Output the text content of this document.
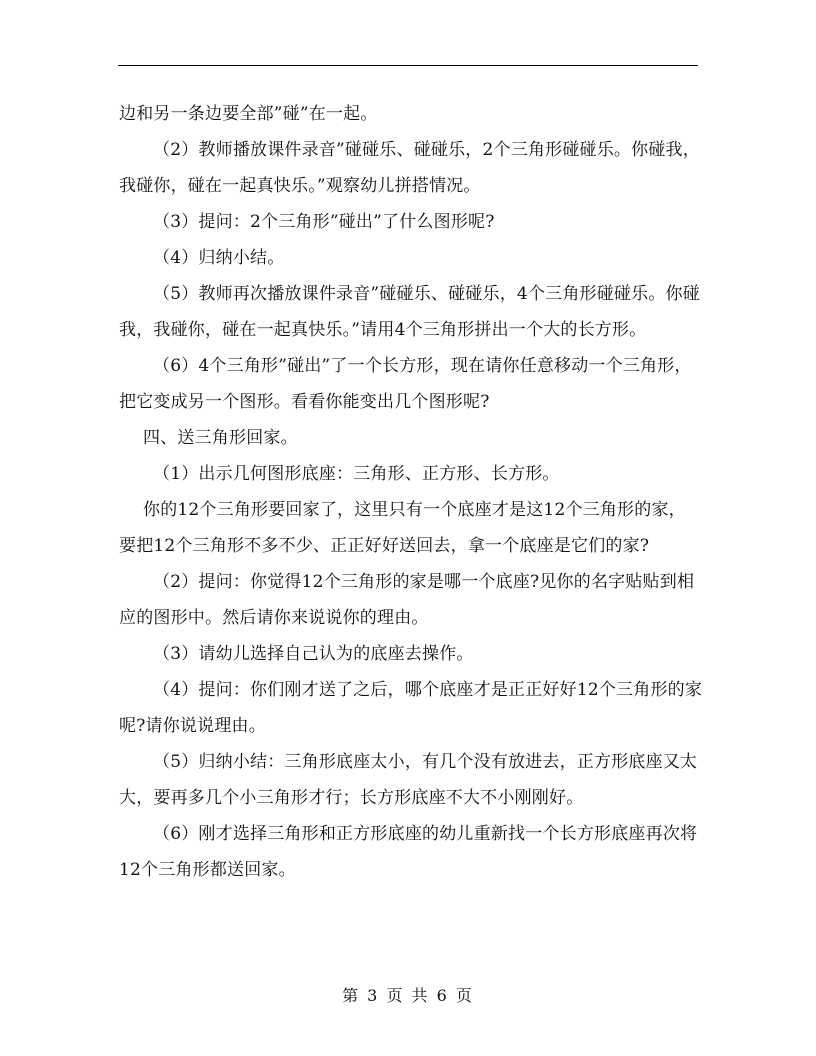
边和另一条边要全部”碰”在一起。

（2）教师播放课件录音”碰碰乐、碰碰乐，2个三角形碰碰乐。你碰我，我碰你，碰在一起真快乐。”观察幼儿拼搭情况。

（3）提问：2个三角形”碰出”了什么图形呢?

（4）归纳小结。

（5）教师再次播放课件录音”碰碰乐、碰碰乐，4个三角形碰碰乐。你碰我，我碰你，碰在一起真快乐。”请用4个三角形拼出一个大的长方形。

（6）4个三角形”碰出”了一个长方形，现在请你任意移动一个三角形，把它变成另一个图形。看看你能变出几个图形呢?

四、送三角形回家。

（1）出示几何图形底座：三角形、正方形、长方形。

你的12个三角形要回家了，这里只有一个底座才是这12个三角形的家，要把12个三角形不多不少、正正好好送回去，拿一个底座是它们的家?

（2）提问：你觉得12个三角形的家是哪一个底座?见你的名字贴贴到相应的图形中。然后请你来说说你的理由。

（3）请幼儿选择自己认为的底座去操作。

（4）提问：你们刚才送了之后，哪个底座才是正正好好12个三角形的家呢?请你说说理由。

（5）归纳小结：三角形底座太小，有几个没有放进去，正方形底座又太大，要再多几个小三角形才行；长方形底座不大不小刚刚好。

（6）刚才选择三角形和正方形底座的幼儿重新找一个长方形底座再次将12个三角形都送回家。

第 3 页 共 6 页
